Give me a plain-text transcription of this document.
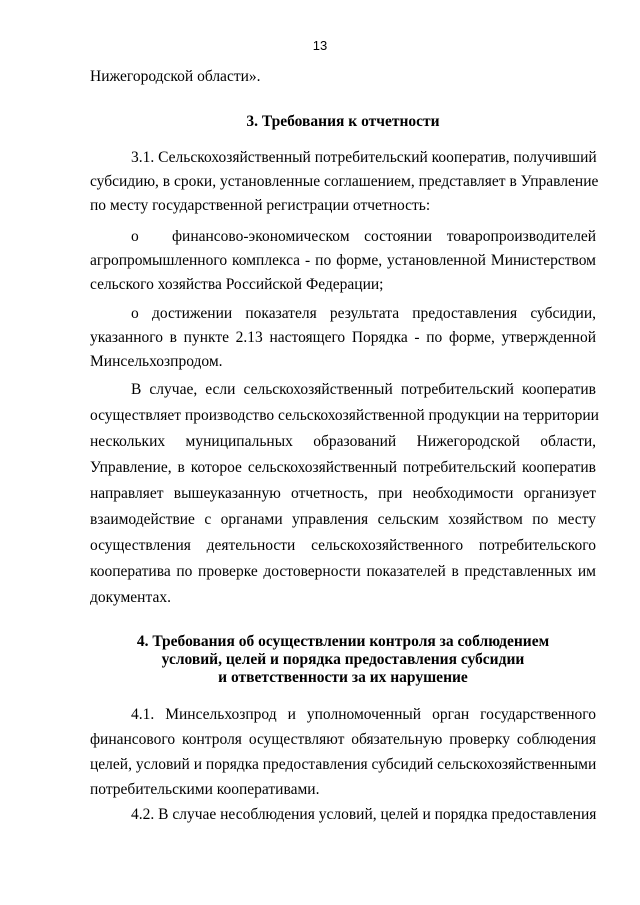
13
Нижегородской области».
3. Требования к отчетности
3.1. Сельскохозяйственный потребительский кооператив, получивший
субсидию, в сроки, установленные соглашением, представляет в Управление
по месту государственной регистрации отчетность:
о финансово-экономическом состоянии товаропроизводителей
агропромышленного комплекса - по форме, установленной Министерством
сельского хозяйства Российской Федерации;
о достижении показателя результата предоставления субсидии,
указанного в пункте 2.13 настоящего Порядка - по форме, утвержденной
Минсельхозпродом.
В случае, если сельскохозяйственный потребительский кооператив
осуществляет производство сельскохозяйственной продукции на территории
нескольких муниципальных образований Нижегородской области,
Управление, в которое сельскохозяйственный потребительский кооператив
направляет вышеуказанную отчетность, при необходимости организует
взаимодействие с органами управления сельским хозяйством по месту
осуществления деятельности сельскохозяйственного потребительского
кооператива по проверке достоверности показателей в представленных им
документах.
4. Требования об осуществлении контроля за соблюдением
условий, целей и порядка предоставления субсидии
и ответственности за их нарушение
4.1. Минсельхозпрод и уполномоченный орган государственного
финансового контроля осуществляют обязательную проверку соблюдения
целей, условий и порядка предоставления субсидий сельскохозяйственными
потребительскими кооперативами.
4.2. В случае несоблюдения условий, целей и порядка предоставления
